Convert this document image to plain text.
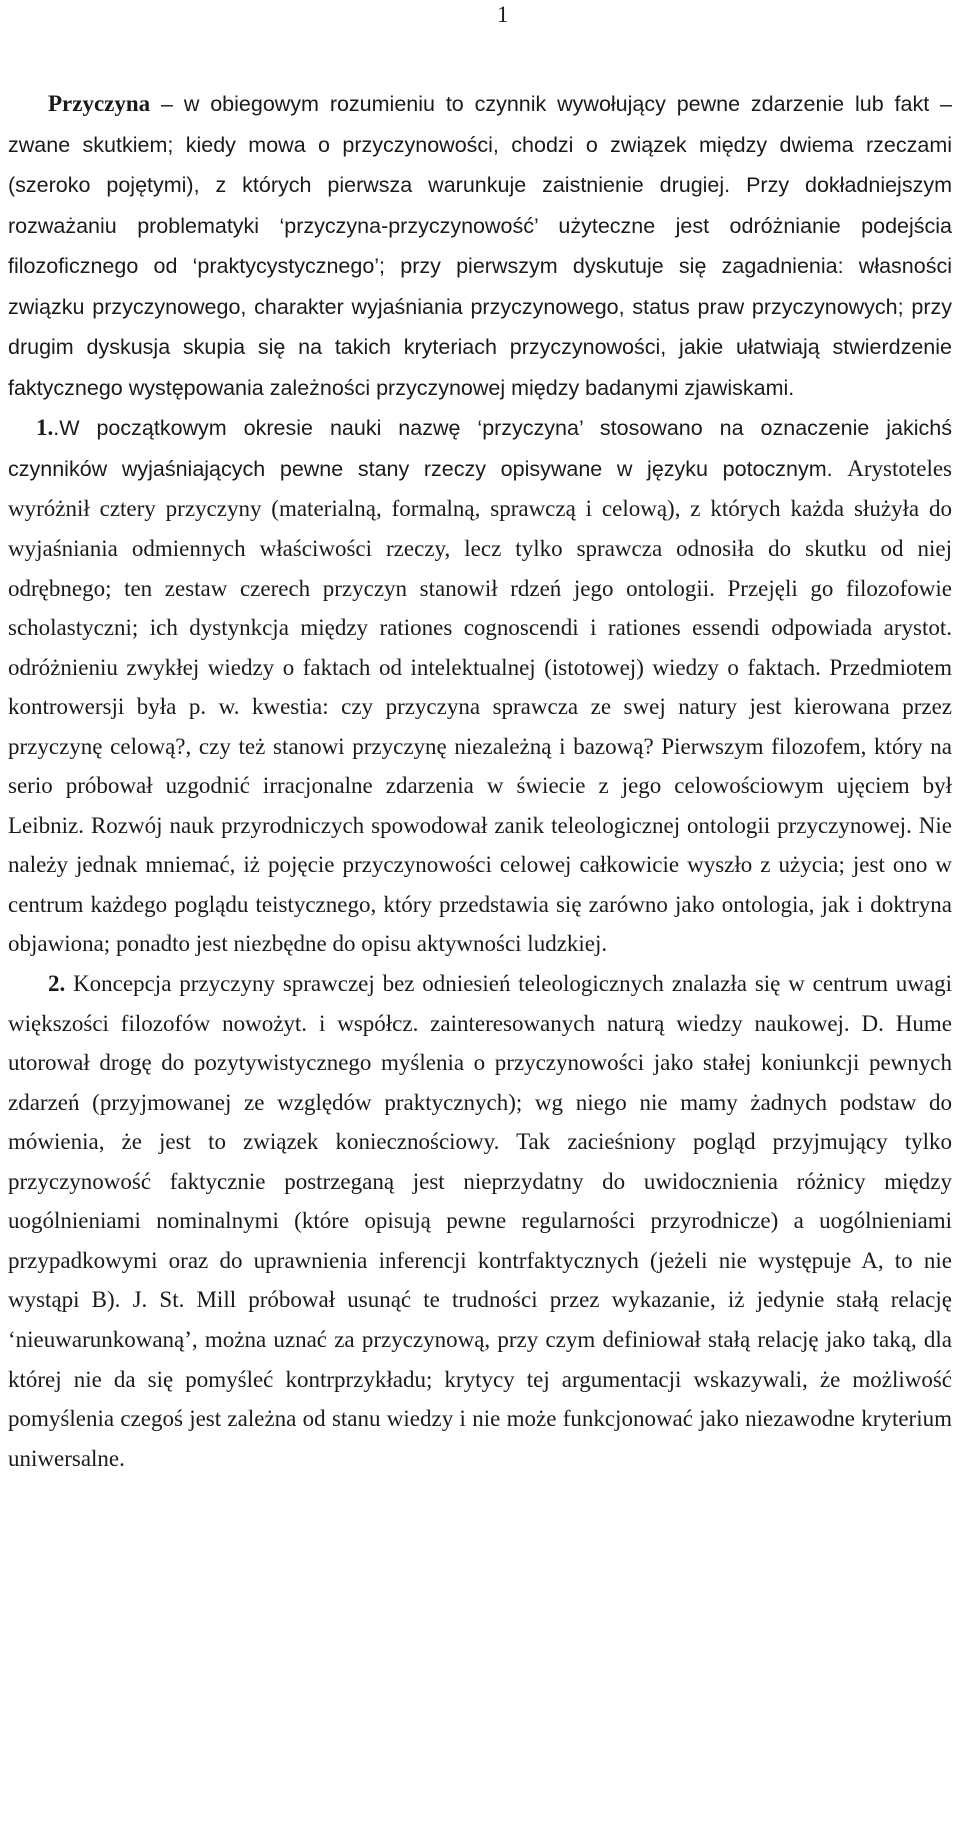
1

Przyczyna – w obiegowym rozumieniu to czynnik wywołujący pewne zdarzenie lub fakt – zwane skutkiem; kiedy mowa o przyczynowości, chodzi o związek między dwiema rzeczami (szeroko pojętymi), z których pierwsza warunkuje zaistnienie drugiej. Przy dokładniejszym rozważaniu problematyki ‘przyczyna-przyczynowość’ użyteczne jest odróżnianie podejścia filozoficznego od ‘praktycystycznego’; przy pierwszym dyskutuje się zagadnienia: własności związku przyczynowego, charakter wyjaśniania przyczynowego, status praw przyczynowych; przy drugim dyskusja skupia się na takich kryteriach przyczynowości, jakie ułatwiają stwierdzenie faktycznego występowania zależności przyczynowej między badanymi zjawiskami.

1..W początkowym okresie nauki nazwę ‘przyczyna’ stosowano na oznaczenie jakichś czynników wyjaśniających pewne stany rzeczy opisywane w języku potocznym. Arystoteles wyróżnił cztery przyczyny (materialną, formalną, sprawczą i celową), z których każda służyła do wyjaśniania odmiennych właściwości rzeczy, lecz tylko sprawcza odnosiła do skutku od niej odrębnego; ten zestaw czerech przyczyn stanowił rdzeń jego ontologii. Przejęli go filozofowie scholastyczni; ich dystynkcja między rationes cognoscendi i rationes essendi odpowiada arystot. odróżnieniu zwykłej wiedzy o faktach od intelektualnej (istotowej) wiedzy o faktach. Przedmiotem kontrowersji była p. w. kwestia: czy przyczyna sprawcza ze swej natury jest kierowana przez przyczynę celową?, czy też stanowi przyczynę niezależną i bazową? Pierwszym filozofem, który na serio próbował uzgodnić irracjonalne zdarzenia w świecie z jego celowościowym ujęciem był Leibniz. Rozwój nauk przyrodniczych spowodował zanik teleologicznej ontologii przyczynowej. Nie należy jednak mniemać, iż pojęcie przyczynowości celowej całkowicie wyszło z użycia; jest ono w centrum każdego poglądu teistycznego, który przedstawia się zarówno jako ontologia, jak i doktryna objawiona; ponadto jest niezbędne do opisu aktywności ludzkiej.

2. Koncepcja przyczyny sprawczej bez odniesień teleologicznych znalazła się w centrum uwagi większości filozofów nowożyt. i współcz. zainteresowanych naturą wiedzy naukowej. D. Hume utorował drogę do pozytywistycznego myślenia o przyczynowości jako stałej koniunkcji pewnych zdarzeń (przyjmowanej ze względów praktycznych); wg niego nie mamy żadnych podstaw do mówienia, że jest to związek koniecznościowy. Tak zacieśniony pogląd przyjmujący tylko przyczynowość faktycznie postrzeganą jest nieprzydatny do uwidocznienia różnicy między uogólnieniami nominalnymi (które opisują pewne regularności przyrodnicze) a uogólnieniami przypadkowymi oraz do uprawnienia inferencji kontrfaktycznych (jeżeli nie występuje A, to nie wystąpi B). J. St. Mill próbował usunąć te trudności przez wykazanie, iż jedynie stałą relację ‘nieuwarunkowaną’, można uznać za przyczynową, przy czym definiował stałą relację jako taką, dla której nie da się pomyśleć kontrprzykładu; krytycy tej argumentacji wskazywali, że możliwość pomyślenia czegoś jest zależna od stanu wiedzy i nie może funkcjonować jako niezawodne kryterium uniwersalne.
